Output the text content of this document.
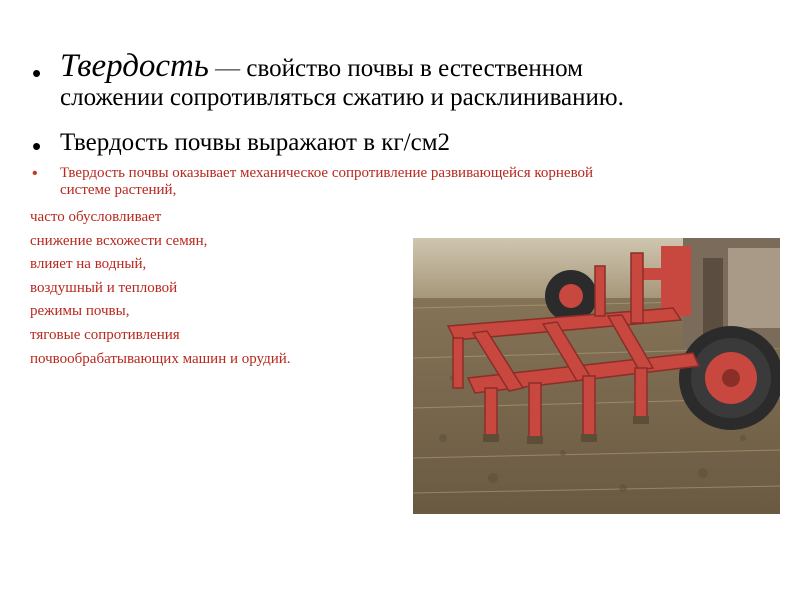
• Твердость — свойство почвы в естественном
сложении сопротивляться сжатию и расклиниванию.
• Твердость почвы выражают в кг/см2
• Твердость почвы оказывает механическое сопротивление развивающейся корневой
системе растений,
часто обусловливает
снижение всхожести семян,
влияет на водный,
воздушный и тепловой
режимы почвы,
тяговые сопротивления
почвообрабатывающих машин и орудий.
